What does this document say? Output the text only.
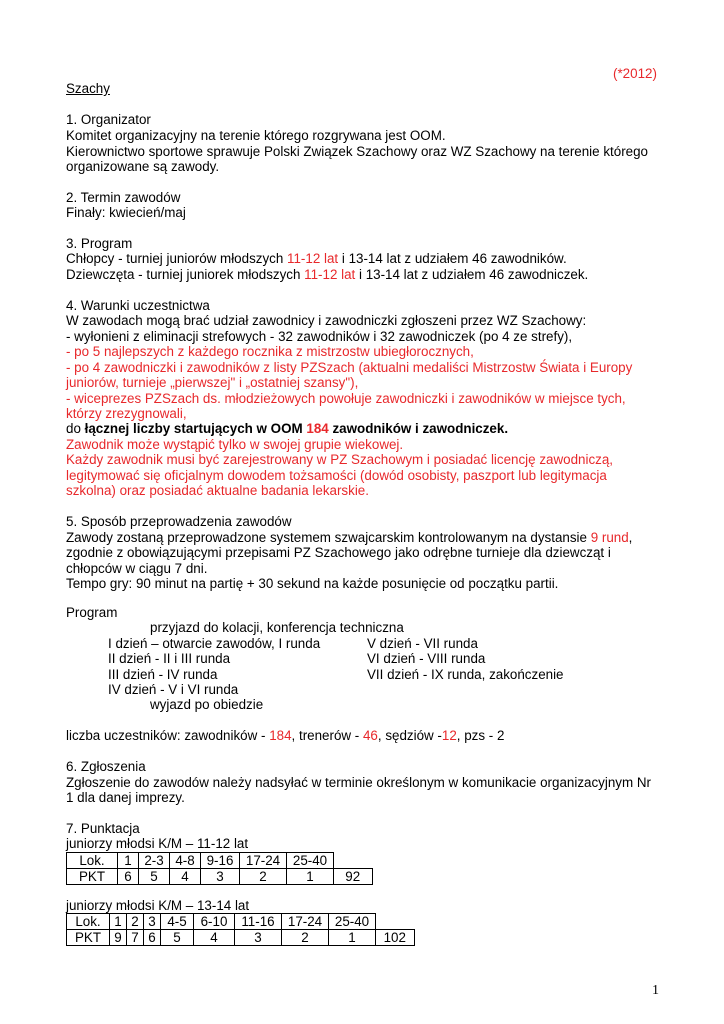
(*2012)
Szachy
1. Organizator
Komitet organizacyjny na terenie którego rozgrywana jest OOM.
Kierownictwo sportowe sprawuje Polski Związek Szachowy oraz WZ Szachowy na terenie którego
organizowane są zawody.
2. Termin zawodów
Finały: kwiecień/maj
3. Program
Chłopcy - turniej juniorów młodszych 11-12 lat i 13-14 lat z udziałem 46 zawodników.
Dziewczęta - turniej juniorek młodszych 11-12 lat i 13-14 lat z udziałem 46 zawodniczek.
4. Warunki uczestnictwa
W zawodach mogą brać udział zawodnicy i zawodniczki zgłoszeni przez WZ Szachowy:
- wyłonieni z eliminacji strefowych - 32 zawodników i 32 zawodniczek (po 4 ze strefy),
- po 5 najlepszych z każdego rocznika z mistrzostw ubiegłorocznych,
- po 4 zawodniczki i zawodników z listy PZSzach (aktualni medaliści Mistrzostw Świata i Europy
juniorów, turnieje „pierwszej" i „ostatniej szansy"),
- wiceprezes PZSzach ds. młodzieżowych powołuje zawodniczki i zawodników w miejsce tych,
którzy zrezygnowali,
do łącznej liczby startujących w OOM 184 zawodników i zawodniczek.
Zawodnik może wystąpić tylko w swojej grupie wiekowej.
Każdy zawodnik musi być zarejestrowany w PZ Szachowym i posiadać licencję zawodniczą,
legitymować się oficjalnym dowodem tożsamości (dowód osobisty, paszport lub legitymacja
szkolna) oraz posiadać aktualne badania lekarskie.
5. Sposób przeprowadzenia zawodów
Zawody zostaną przeprowadzone systemem szwajcarskim kontrolowanym na dystansie 9 rund,
zgodnie z obowiązującymi przepisami PZ Szachowego jako odrębne turnieje dla dziewcząt i
chłopców w ciągu 7 dni.
Tempo gry: 90 minut na partię + 30 sekund na każde posunięcie od początku partii.
Program
przyjazd do kolacji, konferencja techniczna
I dzień – otwarcie zawodów, I runda
II dzień - II i III runda
III dzień - IV runda
IV dzień - V i VI runda
V dzień - VII runda
VI dzień - VIII runda
VII dzień - IX runda, zakończenie
wyjazd po obiedzie
liczba uczestników: zawodników - 184, trenerów - 46, sędziów -12, pzs - 2
6. Zgłoszenia
Zgłoszenie do zawodów należy nadsyłać w terminie określonym w komunikacie organizacyjnym Nr
1 dla danej imprezy.
7. Punktacja
juniorzy młodsi K/M – 11-12 lat
Lok.	1	2-3	4-8	9-16	17-24	25-40	
PKT	6	5	4	3	2	1	92
juniorzy młodsi K/M – 13-14 lat
Lok.	1	2	3	4-5	6-10	11-16	17-24	25-40	
PKT	9	7	6	5	4	3	2	1	102
1
